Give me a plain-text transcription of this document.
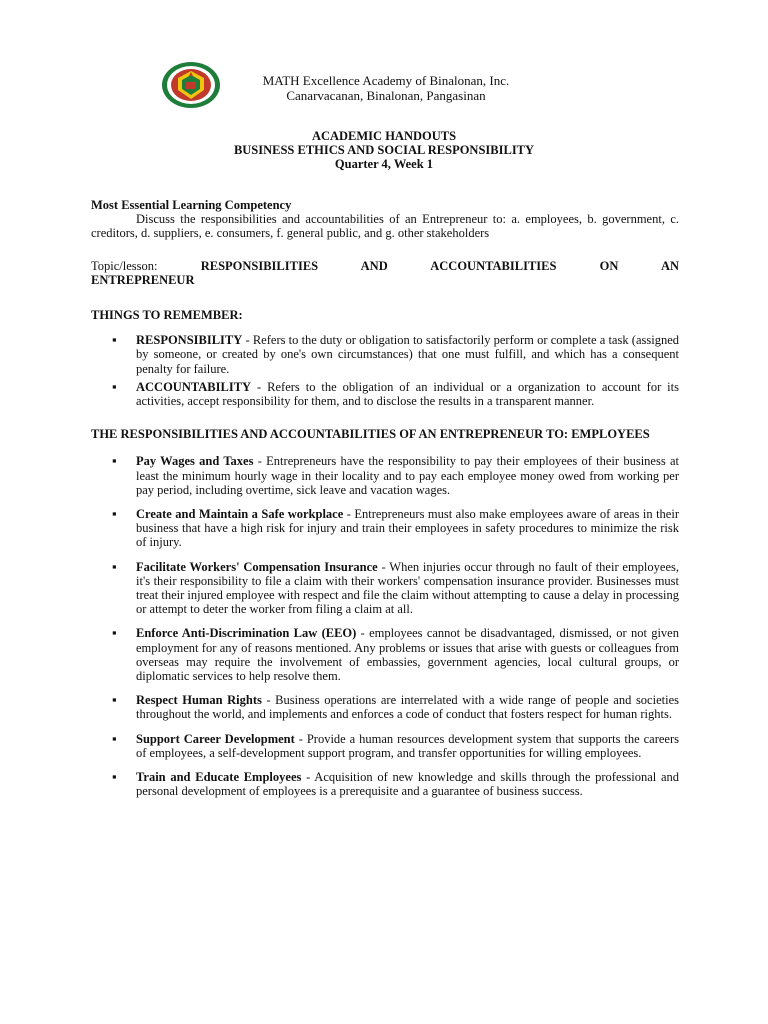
MATH Excellence Academy of Binalonan, Inc.
Canarvacanan, Binalonan, Pangasinan
ACADEMIC HANDOUTS
BUSINESS ETHICS AND SOCIAL RESPONSIBILITY
Quarter 4, Week 1

Most Essential Learning Competency

Discuss the responsibilities and accountabilities of an Entrepreneur to: a. employees, b. government, c. creditors, d. suppliers, e. consumers, f. general public, and g. other stakeholders

Topic/lesson:	RESPONSIBILITIES AND ACCOUNTABILITIES ON AN

ENTREPRENEUR

THINGS TO REMEMBER:

▪ RESPONSIBILITY - Refers to the duty or obligation to satisfactorily perform or complete a task (assigned by someone, or created by one's own circumstances) that one must fulfill, and which has a consequent penalty for failure.
▪ ACCOUNTABILITY - Refers to the obligation of an individual or a organization to account for its activities, accept responsibility for them, and to disclose the results in a transparent manner.

THE RESPONSIBILITIES AND ACCOUNTABILITIES OF AN ENTREPRENEUR TO: EMPLOYEES

▪ Pay Wages and Taxes - Entrepreneurs have the responsibility to pay their employees of their business at least the minimum hourly wage in their locality and to pay each employee money owed from working per pay period, including overtime, sick leave and vacation wages.
▪ Create and Maintain a Safe workplace - Entrepreneurs must also make employees aware of areas in their business that have a high risk for injury and train their employees in safety procedures to minimize the risk of injury.
▪ Facilitate Workers' Compensation Insurance - When injuries occur through no fault of their employees, it's their responsibility to file a claim with their workers' compensation insurance provider. Businesses must treat their injured employee with respect and file the claim without attempting to cause a delay in processing or attempt to deter the worker from filing a claim at all.
▪ Enforce Anti-Discrimination Law (EEO) - employees cannot be disadvantaged, dismissed, or not given employment for any of reasons mentioned. Any problems or issues that arise with guests or colleagues from overseas may require the involvement of embassies, government agencies, local cultural groups, or diplomatic services to help resolve them.
▪ Respect Human Rights - Business operations are interrelated with a wide range of people and societies throughout the world, and implements and enforces a code of conduct that fosters respect for human rights.
▪ Support Career Development - Provide a human resources development system that supports the careers of employees, a self-development support program, and transfer opportunities for willing employees.
▪ Train and Educate Employees - Acquisition of new knowledge and skills through the professional and personal development of employees is a prerequisite and a guarantee of business success.
